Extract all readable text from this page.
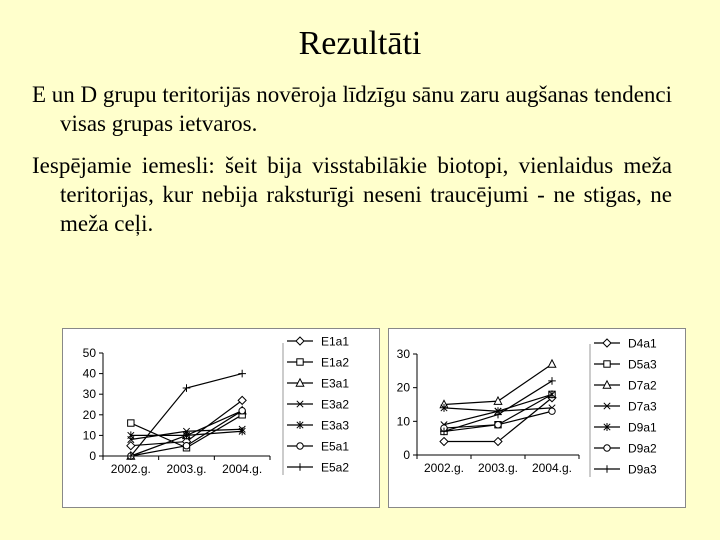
Rezultāti

E un D grupu teritorijās novēroja līdzīgu sānu zaru augšanas tendenci visas grupas ietvaros.

Iespējamie iemesli: šeit bija visstabilākie biotopi, vienlaidus meža teritorijas, kur nebija raksturīgi neseni traucējumi - ne stigas, ne meža ceļi.

0
10
20
30
40
50
2002.g. 2003.g. 2004.g.
E1a1
E1a2
E3a1
E3a2
E3a3
E5a1
E5a2
0
10
20
30
2002.g. 2003.g. 2004.g.
D4a1
D5a3
D7a2
D7a3
D9a1
D9a2
D9a3
